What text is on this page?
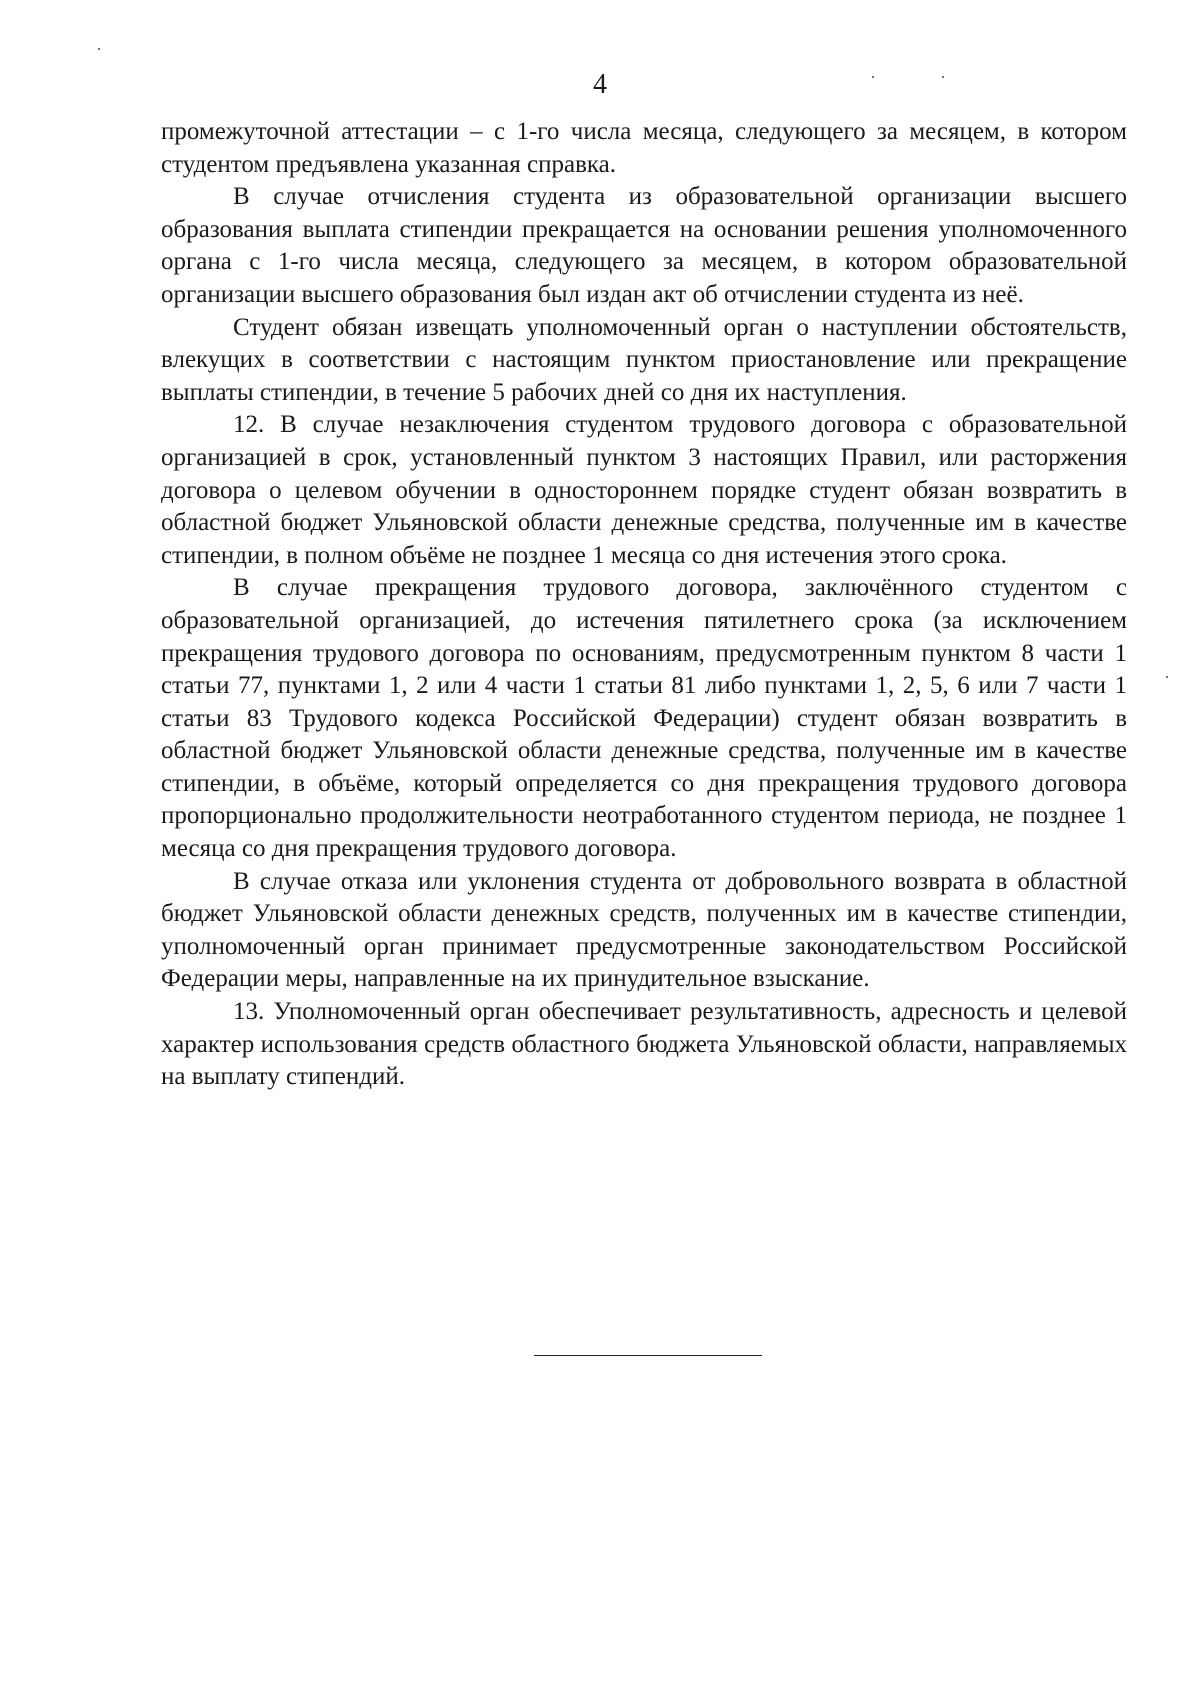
4

промежуточной аттестации – с 1-го числа месяца, следующего за месяцем, в котором студентом предъявлена указанная справка.

В случае отчисления студента из образовательной организации высшего образования выплата стипендии прекращается на основании решения уполномоченного органа с 1-го числа месяца, следующего за месяцем, в котором образовательной организации высшего образования был издан акт об отчислении студента из неё.

Студент обязан извещать уполномоченный орган о наступлении обстоятельств, влекущих в соответствии с настоящим пунктом приостановление или прекращение выплаты стипендии, в течение 5 рабочих дней со дня их наступления.

12. В случае незаключения студентом трудового договора с образовательной организацией в срок, установленный пунктом 3 настоящих Правил, или расторжения договора о целевом обучении в одностороннем порядке студент обязан возвратить в областной бюджет Ульяновской области денежные средства, полученные им в качестве стипендии, в полном объёме не позднее 1 месяца со дня истечения этого срока.

В случае прекращения трудового договора, заключённого студентом с образовательной организацией, до истечения пятилетнего срока (за исключением прекращения трудового договора по основаниям, предусмотренным пунктом 8 части 1 статьи 77, пунктами 1, 2 или 4 части 1 статьи 81 либо пунктами 1, 2, 5, 6 или 7 части 1 статьи 83 Трудового кодекса Российской Федерации) студент обязан возвратить в областной бюджет Ульяновской области денежные средства, полученные им в качестве стипендии, в объёме, который определяется со дня прекращения трудового договора пропорционально продолжительности неотработанного студентом периода, не позднее 1 месяца со дня прекращения трудового договора.

В случае отказа или уклонения студента от добровольного возврата в областной бюджет Ульяновской области денежных средств, полученных им в качестве стипендии, уполномоченный орган принимает предусмотренные законодательством Российской Федерации меры, направленные на их принудительное взыскание.

13. Уполномоченный орган обеспечивает результативность, адресность и целевой характер использования средств областного бюджета Ульяновской области, направляемых на выплату стипендий.
